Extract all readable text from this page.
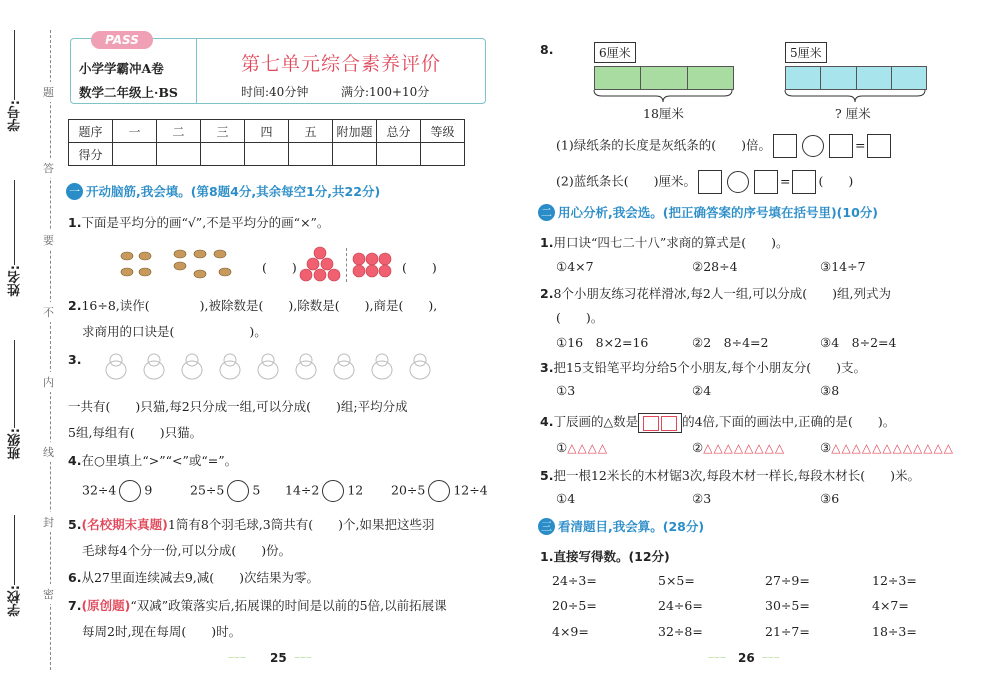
学号:
姓名:
班级:
学校:
题
答
要
不
内
线
封
密
PASS
小学学霸冲A卷
数学二年级上·BS
第七单元综合素养评价
时间:40分钟	满分:100+10分
题序	一	二	三	四	五	附加题	总分	等级
得分								
一 开动脑筋,我会填。(第8题4分,其余每空1分,共22分)
1.下面是平均分的画“√”,不是平均分的画“×”。
(　　)	(　　)
2.16÷8,读作(　　　　),被除数是(　　),除数是(　　),商是(　　),
求商用的口诀是(　　　　　　)。
3.
一共有(　　)只猫,每2只分成一组,可以分成(　　)组;平均分成
5组,每组有(　　)只猫。
4.在○里填上“>”“<”或“=”。
32÷4 9	25÷5 5 14÷2 12 20÷5 12÷4
5.(名校期末真题)1筒有8个羽毛球,3筒共有(　　)个,如果把这些羽
毛球每4个分一份,可以分成(　　)份。
6.从27里面连续减去9,减(　　)次结果为零。
7.(原创题)“双减”政策落实后,拓展课的时间是以前的5倍,以前拓展课
每周2时,现在每周(　　)时。
⌣⌣⌣ 25 ⌣⌣⌣
8.	6厘米
18厘米
5厘米
? 厘米
(1)绿纸条的长度是灰纸条的(　　)倍。	=
(2)蓝纸条长(　　)厘米。	= (　　)
二 用心分析,我会选。(把正确答案的序号填在括号里)(10分)
1.用口诀“四七二十八”求商的算式是(　　)。
①4×7	②28÷4	③14÷7
2.8个小朋友练习花样滑冰,每2人一组,可以分成(　　)组,列式为
(　　)。
①16　8×2=16	②2　8÷4=2	③4　8÷2=4
3.把15支铅笔平均分给5个小朋友,每个小朋友分(　　)支。
①3	②4	③8
4.丁辰画的△数是	的4倍,下面的画法中,正确的是(　　)。
①△△△△	②△△△△△△△△	③△△△△△△△△△△△△
5.把一根12米长的木材锯3次,每段木材一样长,每段木材长(　　)米。
①4	②3	③6
三 看清题目,我会算。(28分)
1.直接写得数。(12分)
24÷3=	5×5=	27÷9=	12÷3=
20÷5=	24÷6=	30÷5=	4×7=
4×9=	32÷8=	21÷7=	18÷3=
⌣⌣⌣ 26 ⌣⌣⌣
